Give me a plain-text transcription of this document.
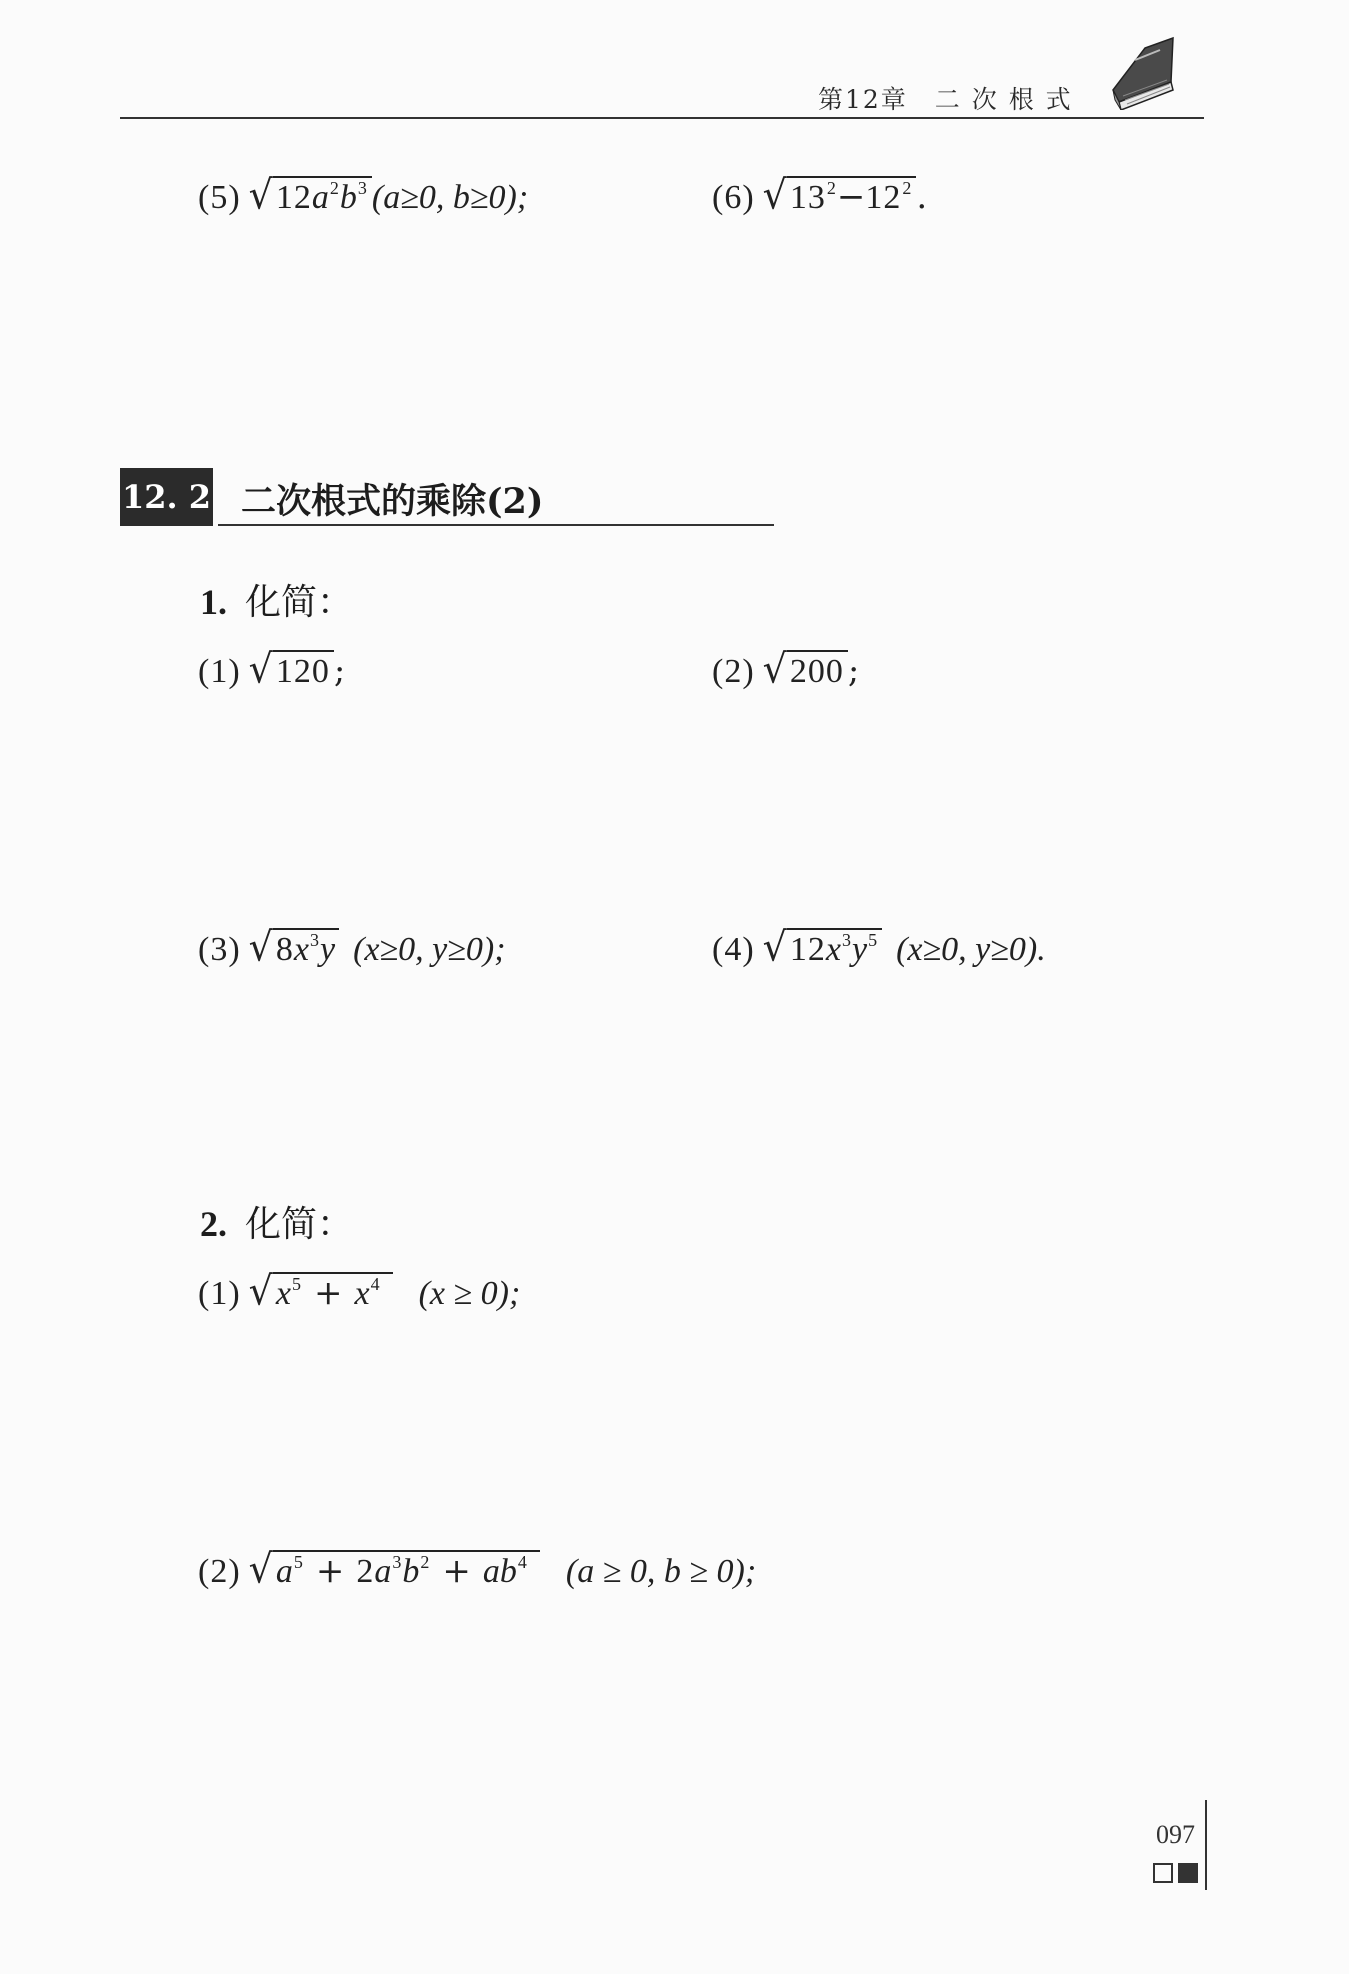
第12章　二 次 根 式
(5) √ 12 a 2 b 3 (a≥0, b≥0);	(6) √ 13 2 − 12 2 .
12. 2 二次根式的乘除(2)
1. 化简：
(1) √ 120 ;	(2) √ 200 ;
(3) √ 8 x 3 y (x≥0, y≥0);	(4) √ 12 x 3 y 5 (x≥0, y≥0).
2. 化简：
(1) √ x 5 + x 4 (x ≥ 0);
(2) √ a 5 + 2 a 3 b 2 + a b 4 (a ≥ 0, b ≥ 0);
097
